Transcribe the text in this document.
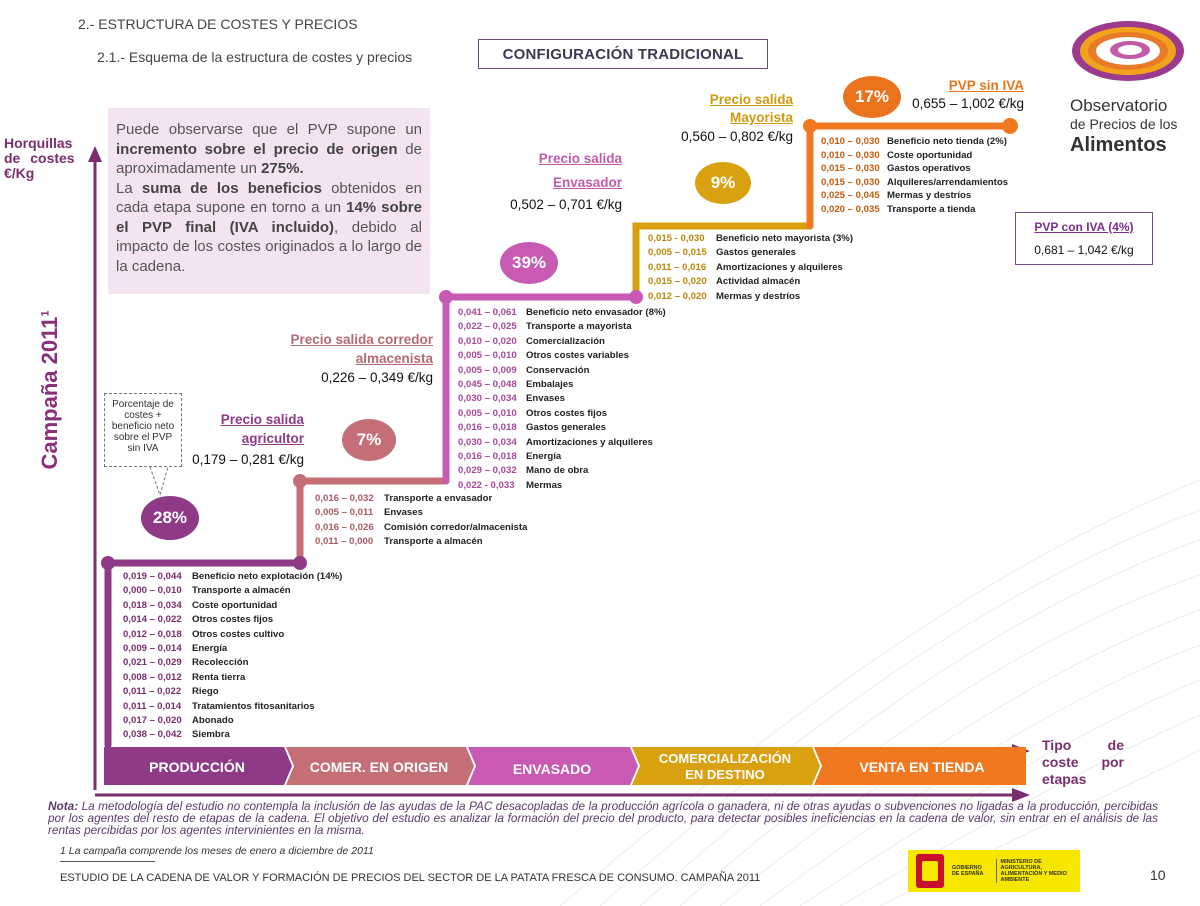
2.- ESTRUCTURA DE COSTES Y PRECIOS
2.1.- Esquema de la estructura de costes y precios	CONFIGURACIÓN TRADICIONAL
Observatorio
de Precios de los
Alimentos
Horquillas
de costes
€/Kg
Campaña 2011$^1$
PRODUCCIÓN	COMER. EN ORIGEN	ENVASADO
COMERCIALIZACIÓN
EN DESTINO	VENTA EN TIENDA
Tipo de coste por etapas
Puede observarse que el PVP supone un incremento sobre el precio de origen de aproximadamente un 275%.
La suma de los beneficios obtenidos en cada etapa supone en torno a un 14% sobre el PVP final (IVA incluido), debido al impacto de los costes originados a lo largo de la cadena.
Porcentaje de costes + beneficio neto sobre el PVP sin IVA
28%
7%
39%
9%
17%
Precio salida
agricultor
0,179 – 0,281 €/kg
Precio salida corredor
almacenista
0,226 – 0,349 €/kg
Precio salida
Envasador
0,502 – 0,701 €/kg
Precio salida
Mayorista
0,560 – 0,802 €/kg
PVP sin IVA
0,655 – 1,002 €/kg
PVP con IVA (4%)
0,681 – 1,042 €/kg
0,019 – 0,044 Beneficio neto explotación (14%)
0,000 – 0,010 Transporte a almacén
0,018 – 0,034 Coste oportunidad
0,014 – 0,022 Otros costes fijos
0,012 – 0,018 Otros costes cultivo
0,009 – 0,014 Energía
0,021 – 0,029 Recolección
0,008 – 0,012 Renta tierra
0,011 – 0,022 Riego
0,011 – 0,014 Tratamientos fitosanitarios
0,017 – 0,020 Abonado
0,038 – 0,042 Siembra
0,016 – 0,032 Transporte a envasador
0,005 – 0,011 Envases
0,016 – 0,026 Comisión corredor/almacenista
0,011 – 0,000 Transporte a almacén
0,041 – 0,061 Beneficio neto envasador (8%)
0,022 – 0,025 Transporte a mayorista
0,010 – 0,020 Comercialización
0,005 – 0,010 Otros costes variables
0,005 – 0,009 Conservación
0,045 – 0,048 Embalajes
0,030 – 0,034 Envases
0,005 – 0,010 Otros costes fijos
0,016 – 0,018 Gastos generales
0,030 – 0,034 Amortizaciones y alquileres
0,016 – 0,018 Energía
0,029 – 0,032 Mano de obra
0,022 - 0,033 Mermas
0,015 - 0,030 Beneficio neto mayorista (3%)
0,005 – 0,015 Gastos generales
0,011 – 0,016 Amortizaciones y alquileres
0,015 – 0,020 Actividad almacén
0,012 – 0,020 Mermas y destríos
0,010 – 0,030 Beneficio neto tienda (2%)
0,010 – 0,030 Coste oportunidad
0,015 – 0,030 Gastos operativos
0,015 – 0,030 Alquileres/arrendamientos
0,025 – 0,045 Mermas y destríos
0,020 – 0,035 Transporte a tienda
Nota: La metodología del estudio no contempla la inclusión de las ayudas de la PAC desacopladas de la producción agrícola o ganadera, ni de otras ayudas o subvenciones no ligadas a la producción, percibidas por los agentes del resto de etapas de la cadena. El objetivo del estudio es analizar la formación del precio del producto, para detectar posibles ineficiencias en la cadena de valor, sin entrar en el análisis de las rentas percibidas por los agentes intervinientes en la misma.
1 La campaña comprende los meses de enero a diciembre de 2011
ESTUDIO DE LA CADENA DE VALOR Y FORMACIÓN DE PRECIOS DEL SECTOR DE LA PATATA FRESCA DE CONSUMO. CAMPAÑA 2011
GOBIERNO DE ESPAÑA
MINISTERIO DE AGRICULTURA, ALIMENTACIÓN Y MEDIO AMBIENTE	10
